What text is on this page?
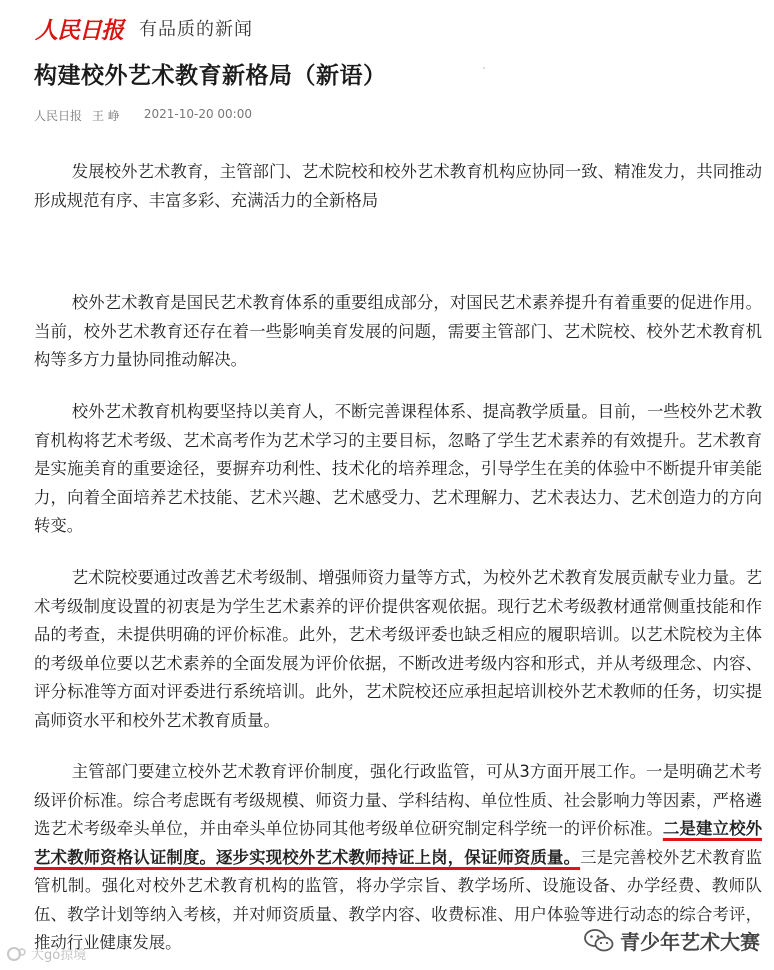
人民日报 有品质的新闻
构建校外艺术教育新格局（新语）
人民日报 王 峥 2021-10-20 00:00

发展校外艺术教育，主管部门、艺术院校和校外艺术教育机构应协同一致、精准发力，共同推动形成规范有序、丰富多彩、充满活力的全新格局

校外艺术教育是国民艺术教育体系的重要组成部分，对国民艺术素养提升有着重要的促进作用。当前，校外艺术教育还存在着一些影响美育发展的问题，需要主管部门、艺术院校、校外艺术教育机构等多方力量协同推动解决。

校外艺术教育机构要坚持以美育人，不断完善课程体系、提高教学质量。目前，一些校外艺术教育机构将艺术考级、艺术高考作为艺术学习的主要目标，忽略了学生艺术素养的有效提升。艺术教育是实施美育的重要途径，要摒弃功利性、技术化的培养理念，引导学生在美的体验中不断提升审美能力，向着全面培养艺术技能、艺术兴趣、艺术感受力、艺术理解力、艺术表达力、艺术创造力的方向转变。

艺术院校要通过改善艺术考级制、增强师资力量等方式，为校外艺术教育发展贡献专业力量。艺术考级制度设置的初衷是为学生艺术素养的评价提供客观依据。现行艺术考级教材通常侧重技能和作品的考查，未提供明确的评价标准。此外，艺术考级评委也缺乏相应的履职培训。以艺术院校为主体的考级单位要以艺术素养的全面发展为评价依据，不断改进考级内容和形式，并从考级理念、内容、评分标准等方面对评委进行系统培训。此外，艺术院校还应承担起培训校外艺术教师的任务，切实提高师资水平和校外艺术教育质量。

主管部门要建立校外艺术教育评价制度，强化行政监管，可从3方面开展工作。一是明确艺术考级评价标准。综合考虑既有考级规模、师资力量、学科结构、单位性质、社会影响力等因素，严格遴选艺术考级牵头单位，并由牵头单位协同其他考级单位研究制定科学统一的评价标准。二是建立校外艺术教师资格认证制度。逐步实现校外艺术教师持证上岗，保证师资质量。三是完善校外艺术教育监管机制。强化对校外艺术教育机构的监管，将办学宗旨、教学场所、设施设备、办学经费、教师队伍、教学计划等纳入考核，并对师资质量、教学内容、收费标准、用户体验等进行动态的综合考评，推动行业健康发展。

大gó掠境
青少年艺术大赛
